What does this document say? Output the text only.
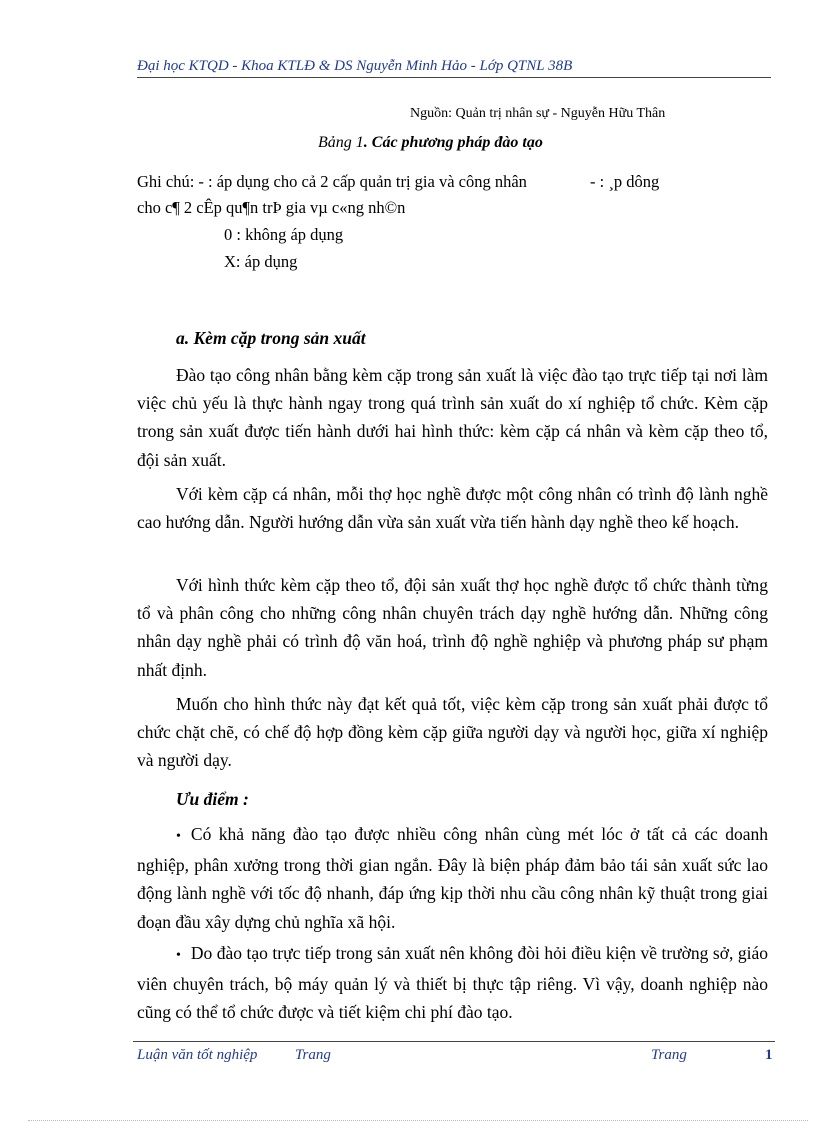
Đại học KTQD - Khoa KTLĐ & DS Nguyễn Minh Hảo - Lớp QTNL 38B
Nguồn: Quản trị nhân sự - Nguyễn Hữu Thân
Bảng 1. Các phương pháp đào tạo
Ghi chú: - : áp dụng cho cả 2 cấp quản trị gia và công nhân	- : ¸p dông
cho c¶ 2 cÊp qu¶n trÞ gia vµ c«ng nh©n
0 : không áp dụng
X: áp dụng
a. Kèm cặp trong sản xuất

Đào tạo công nhân bằng kèm cặp trong sản xuất là việc đào tạo trực tiếp tại nơi làm việc chủ yếu là thực hành ngay trong quá trình sản xuất do xí nghiệp tổ chức. Kèm cặp trong sản xuất được tiến hành dưới hai hình thức: kèm cặp cá nhân và kèm cặp theo tổ, đội sản xuất.

Với kèm cặp cá nhân, mỗi thợ học nghề được một công nhân có trình độ lành nghề cao hướng dẫn. Người hướng dẫn vừa sản xuất vừa tiến hành dạy nghề theo kế hoạch.

Với hình thức kèm cặp theo tổ, đội sản xuất thợ học nghề được tổ chức thành từng tổ và phân công cho những công nhân chuyên trách dạy nghề hướng dẫn. Những công nhân dạy nghề phải có trình độ văn hoá, trình độ nghề nghiệp và phương pháp sư phạm nhất định.

Muốn cho hình thức này đạt kết quả tốt, việc kèm cặp trong sản xuất phải được tổ chức chặt chẽ, có chế độ hợp đồng kèm cặp giữa người dạy và người học, giữa xí nghiệp và người dạy.

Ưu điểm :

• Có khả năng đào tạo được nhiều công nhân cùng mét lóc ở tất cả các doanh nghiệp, phân xưởng trong thời gian ngắn. Đây là biện pháp đảm bảo tái sản xuất sức lao động lành nghề với tốc độ nhanh, đáp ứng kịp thời nhu cầu công nhân kỹ thuật trong giai đoạn đầu xây dựng chủ nghĩa xã hội.

• Do đào tạo trực tiếp trong sản xuất nên không đòi hỏi điều kiện về trường sở, giáo viên chuyên trách, bộ máy quản lý và thiết bị thực tập riêng. Vì vậy, doanh nghiệp nào cũng có thể tổ chức được và tiết kiệm chi phí đào tạo.

Luận văn tốt nghiệp	Trang	Trang	1
